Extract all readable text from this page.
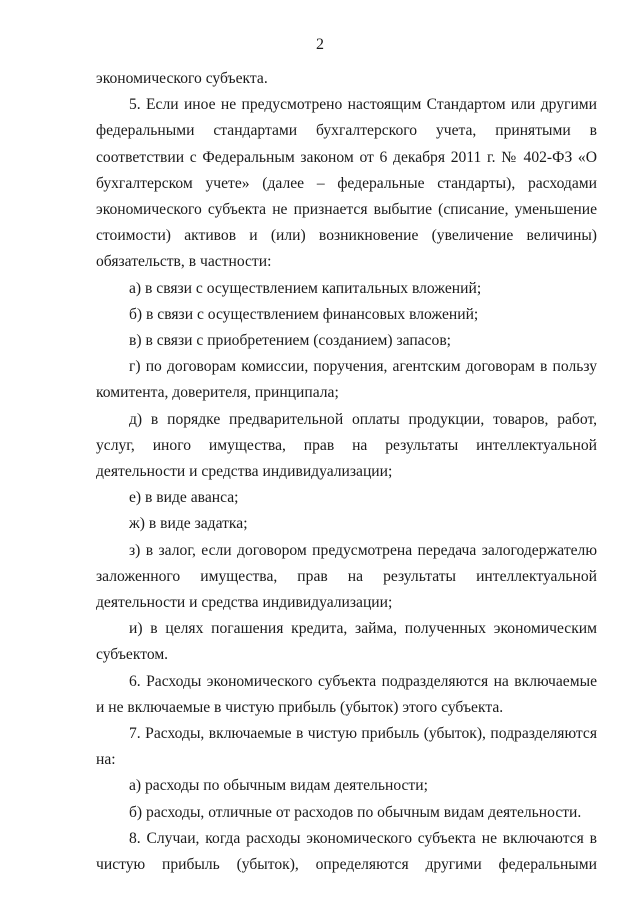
2

экономического субъекта.

5. Если иное не предусмотрено настоящим Стандартом или другими федеральными стандартами бухгалтерского учета, принятыми в соответствии с Федеральным законом от 6 декабря 2011 г. № 402-ФЗ «О бухгалтерском учете» (далее – федеральные стандарты), расходами экономического субъекта не признается выбытие (списание, уменьшение стоимости) активов и (или) возникновение (увеличение величины) обязательств, в частности:

а) в связи с осуществлением капитальных вложений;

б) в связи с осуществлением финансовых вложений;

в) в связи с приобретением (созданием) запасов;

г) по договорам комиссии, поручения, агентским договорам в пользу комитента, доверителя, принципала;

д) в порядке предварительной оплаты продукции, товаров, работ, услуг, иного имущества, прав на результаты интеллектуальной деятельности и средства индивидуализации;

е) в виде аванса;

ж) в виде задатка;

з) в залог, если договором предусмотрена передача залогодержателю заложенного имущества, прав на результаты интеллектуальной деятельности и средства индивидуализации;

и) в целях погашения кредита, займа, полученных экономическим субъектом.

6. Расходы экономического субъекта подразделяются на включаемые и не включаемые в чистую прибыль (убыток) этого субъекта.

7. Расходы, включаемые в чистую прибыль (убыток), подразделяются на:

а) расходы по обычным видам деятельности;

б) расходы, отличные от расходов по обычным видам деятельности.

8. Случаи, когда расходы экономического субъекта не включаются в чистую прибыль (убыток), определяются другими федеральными
